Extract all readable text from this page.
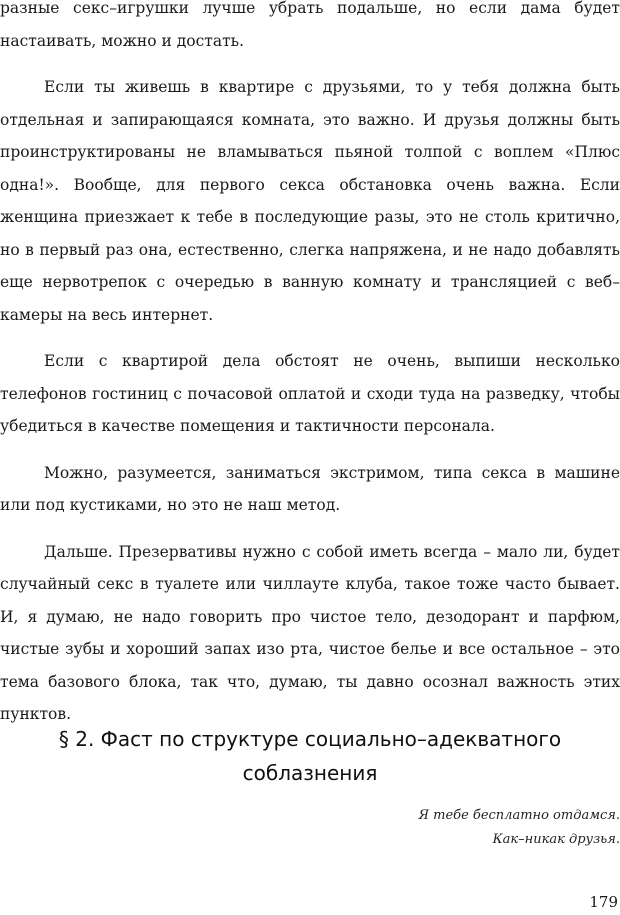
разные секс–игрушки лучше убрать подальше, но если дама будет настаивать, можно и достать.

Если ты живешь в квартире с друзьями, то у тебя должна быть отдельная и запирающаяся комната, это важно. И друзья должны быть проинструктированы не вламываться пьяной толпой с воплем «Плюс одна!». Вообще, для первого секса обстановка очень важна. Если женщина приезжает к тебе в последующие разы, это не столь критично, но в первый раз она, естественно, слегка напряжена, и не надо добавлять еще нервотрепок с очередью в ванную комнату и трансляцией с веб–камеры на весь интернет.

Если с квартирой дела обстоят не очень, выпиши несколько телефонов гостиниц с почасовой оплатой и сходи туда на разведку, чтобы убедиться в качестве помещения и тактичности персонала.

Можно, разумеется, заниматься экстримом, типа секса в машине или под кустиками, но это не наш метод.

Дальше. Презервативы нужно с собой иметь всегда – мало ли, будет случайный секс в туалете или чиллауте клуба, такое тоже часто бывает. И, я думаю, не надо говорить про чистое тело, дезодорант и парфюм, чистые зубы и хороший запах изо рта, чистое белье и все остальное – это тема базового блока, так что, думаю, ты давно осознал важность этих пунктов.

§ 2. Фаст по структуре социально–адекватного
соблазнения
Я тебе бесплатно отдамся.
Как–никак друзья.
179
